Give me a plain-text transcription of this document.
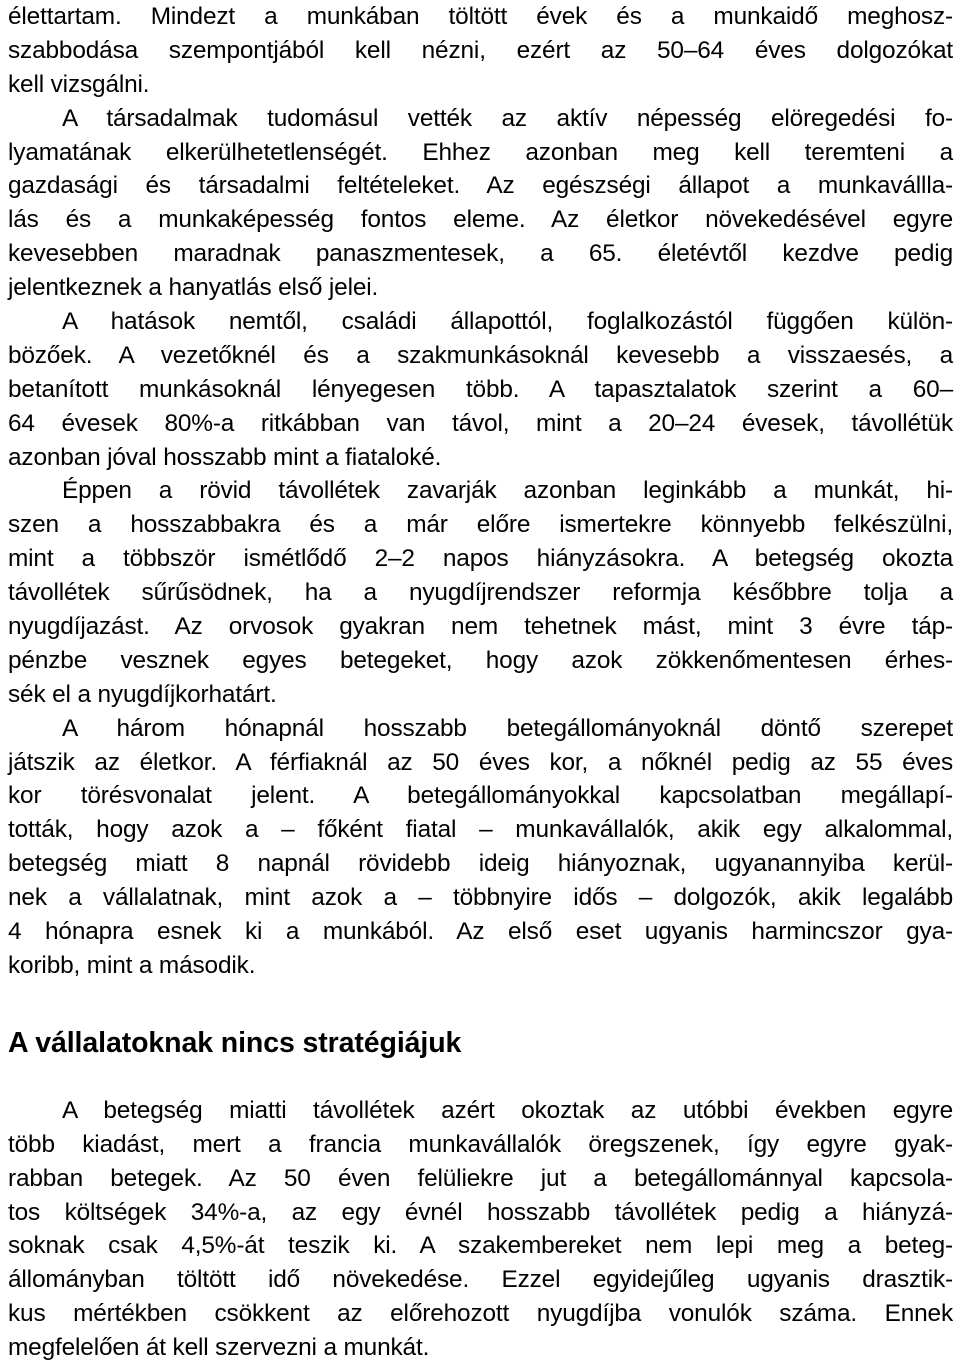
élettartam. Mindezt a munkában töltött évek és a munkaidő meghosz-
szabbodása szempontjából kell nézni, ezért az 50–64 éves dolgozókat
kell vizsgálni.
A társadalmak tudomásul vették az aktív népesség elöregedési fo-
lyamatának elkerülhetetlenségét. Ehhez azonban meg kell teremteni a
gazdasági és társadalmi feltételeket. Az egészségi állapot a munkavállla-
lás és a munkaképesség fontos eleme. Az életkor növekedésével egyre
kevesebben maradnak panaszmentesek, a 65. életévtől kezdve pedig
jelentkeznek a hanyatlás első jelei.
A hatások nemtől, családi állapottól, foglalkozástól függően külön-
bözőek. A vezetőknél és a szakmunkásoknál kevesebb a visszaesés, a
betanított munkásoknál lényegesen több. A tapasztalatok szerint a 60–
64 évesek 80%-a ritkábban van távol, mint a 20–24 évesek, távollétük
azonban jóval hosszabb mint a fiataloké.
Éppen a rövid távollétek zavarják azonban leginkább a munkát, hi-
szen a hosszabbakra és a már előre ismertekre könnyebb felkészülni,
mint a többször ismétlődő 2–2 napos hiányzásokra. A betegség okozta
távollétek sűrűsödnek, ha a nyugdíjrendszer reformja későbbre tolja a
nyugdíjazást. Az orvosok gyakran nem tehetnek mást, mint 3 évre táp-
pénzbe vesznek egyes betegeket, hogy azok zökkenőmentesen érhes-
sék el a nyugdíjkorhatárt.
A három hónapnál hosszabb betegállományoknál döntő szerepet
játszik az életkor. A férfiaknál az 50 éves kor, a nőknél pedig az 55 éves
kor törésvonalat jelent. A betegállományokkal kapcsolatban megállapí-
tották, hogy azok a – főként fiatal – munkavállalók, akik egy alkalommal,
betegség miatt 8 napnál rövidebb ideig hiányoznak, ugyanannyiba kerül-
nek a vállalatnak, mint azok a – többnyire idős – dolgozók, akik legalább
4 hónapra esnek ki a munkából. Az első eset ugyanis harmincszor gya-
koribb, mint a második.
A vállalatoknak nincs stratégiájuk
A betegség miatti távollétek azért okoztak az utóbbi években egyre
több kiadást, mert a francia munkavállalók öregszenek, így egyre gyak-
rabban betegek. Az 50 éven felüliekre jut a betegállománnyal kapcsola-
tos költségek 34%-a, az egy évnél hosszabb távollétek pedig a hiányzá-
soknak csak 4,5%-át teszik ki. A szakembereket nem lepi meg a beteg-
állományban töltött idő növekedése. Ezzel egyidejűleg ugyanis drasztik-
kus mértékben csökkent az előrehozott nyugdíjba vonulók száma. Ennek
megfelelően át kell szervezni a munkát.
